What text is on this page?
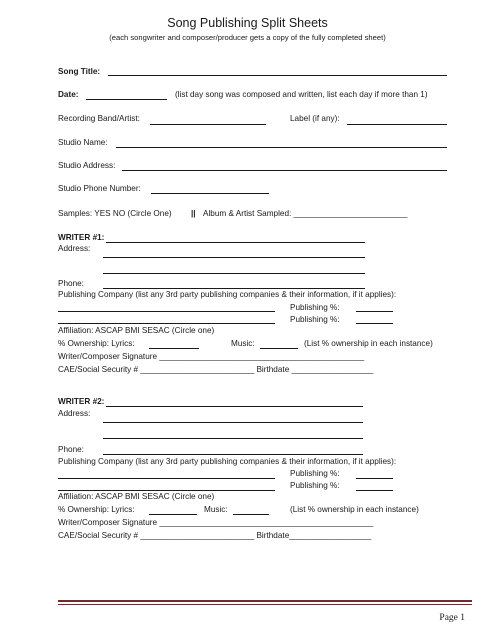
Song Publishing Split Sheets
(each songwriter and composer/producer gets a copy of the fully completed sheet)
Song Title:
Date:	(list day song was composed and written, list each day if more than 1)
Recording Band/Artist:	Label (if any):
Studio Name:
Studio Address:
Studio Phone Number:
Samples: YES NO (Circle One) || Album & Artist Sampled: _________________________
WRITER #1:
Address:
Phone:
Publishing Company (list any 3rd party publishing companies & their information, if it applies):
Publishing %:
Publishing %:
Affiliation: ASCAP BMI SESAC (Circle one)
% Ownership: Lyrics:	Music:	(List % ownership in each instance)
Writer/Composer Signature _____________________________________________
CAE/Social Security # _________________________ Birthdate __________________
WRITER #2:
Address:
Phone:
Publishing Company (list any 3rd party publishing companies & their information, if it applies):
Publishing %:
Publishing %:
Affiliation: ASCAP BMI SESAC (Circle one)
% Ownership: Lyrics:	Music:	(List % ownership in each instance)
Writer/Composer Signature _______________________________________________
CAE/Social Security # _________________________ Birthdate__________________
Page 1
